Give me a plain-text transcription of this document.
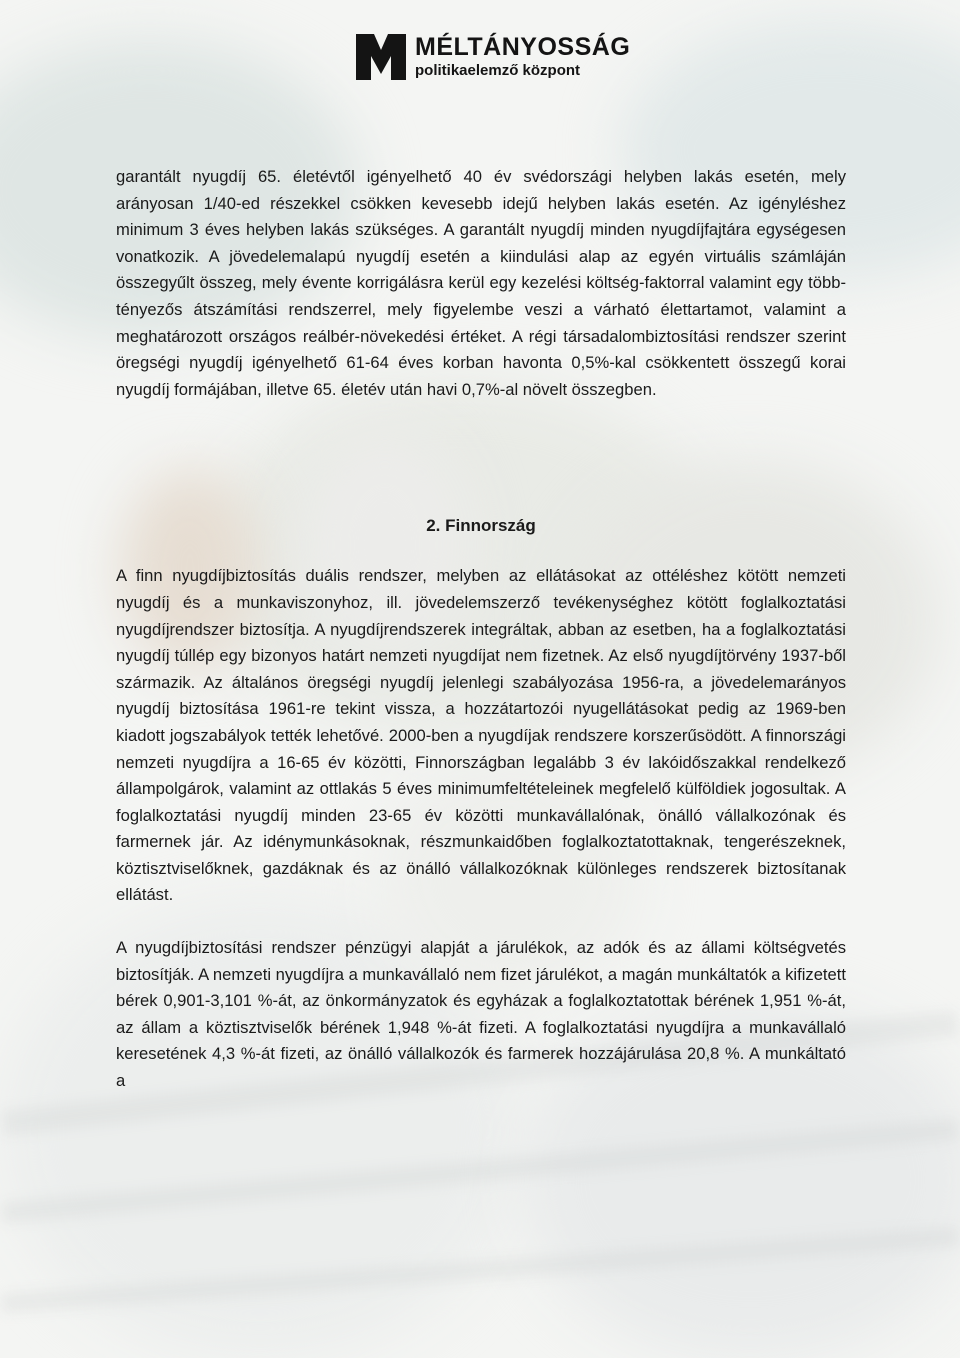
MÉLTÁNYOSSÁG
politikaelemző központ

garantált nyugdíj 65. életévtől igényelhető 40 év svédországi helyben lakás esetén, mely arányosan 1/40-ed részekkel csökken kevesebb idejű helyben lakás esetén. Az igényléshez minimum 3 éves helyben lakás szükséges. A garantált nyugdíj minden nyugdíjfajtára egységesen vonatkozik. A jövedelemalapú nyugdíj esetén a kiindulási alap az egyén virtuális számláján összegyűlt összeg, mely évente korrigálásra kerül egy kezelési költség-faktorral valamint egy több-tényezős átszámítási rendszerrel, mely figyelembe veszi a várható élettartamot, valamint a meghatározott országos reálbér-növekedési értéket. A régi társadalombiztosítási rendszer szerint öregségi nyugdíj igényelhető 61-64 éves korban havonta 0,5%-kal csökkentett összegű korai nyugdíj formájában, illetve 65. életév után havi 0,7%-al növelt összegben.

2. Finnország

A finn nyugdíjbiztosítás duális rendszer, melyben az ellátásokat az ottéléshez kötött nemzeti nyugdíj és a munkaviszonyhoz, ill. jövedelemszerző tevékenységhez kötött foglalkoztatási nyugdíjrendszer biztosítja. A nyugdíjrendszerek integráltak, abban az esetben, ha a foglalkoztatási nyugdíj túllép egy bizonyos határt nemzeti nyugdíjat nem fizetnek. Az első nyugdíjtörvény 1937-ből származik. Az általános öregségi nyugdíj jelenlegi szabályozása 1956-ra, a jövedelemarányos nyugdíj biztosítása 1961-re tekint vissza, a hozzátartozói nyugellátásokat pedig az 1969-ben kiadott jogszabályok tették lehetővé. 2000-ben a nyugdíjak rendszere korszerűsödött. A finnországi nemzeti nyugdíjra a 16-65 év közötti, Finnországban legalább 3 év lakóidőszakkal rendelkező állampolgárok, valamint az ottlakás 5 éves minimumfeltételeinek megfelelő külföldiek jogosultak. A foglalkoztatási nyugdíj minden 23-65 év közötti munkavállalónak, önálló vállalkozónak és farmernek jár. Az idénymunkásoknak, részmunkaidőben foglalkoztatottaknak, tengerészeknek, köztisztviselőknek, gazdáknak és az önálló vállalkozóknak különleges rendszerek biztosítanak ellátást.

A nyugdíjbiztosítási rendszer pénzügyi alapját a járulékok, az adók és az állami költségvetés biztosítják. A nemzeti nyugdíjra a munkavállaló nem fizet járulékot, a magán munkáltatók a kifizetett bérek 0,901-3,101 %-át, az önkormányzatok és egyházak a foglalkoztatottak bérének 1,951 %-át, az állam a köztisztviselők bérének 1,948 %-át fizeti. A foglalkoztatási nyugdíjra a munkavállaló keresetének 4,3 %-át fizeti, az önálló vállalkozók és farmerek hozzájárulása 20,8 %. A munkáltató a
